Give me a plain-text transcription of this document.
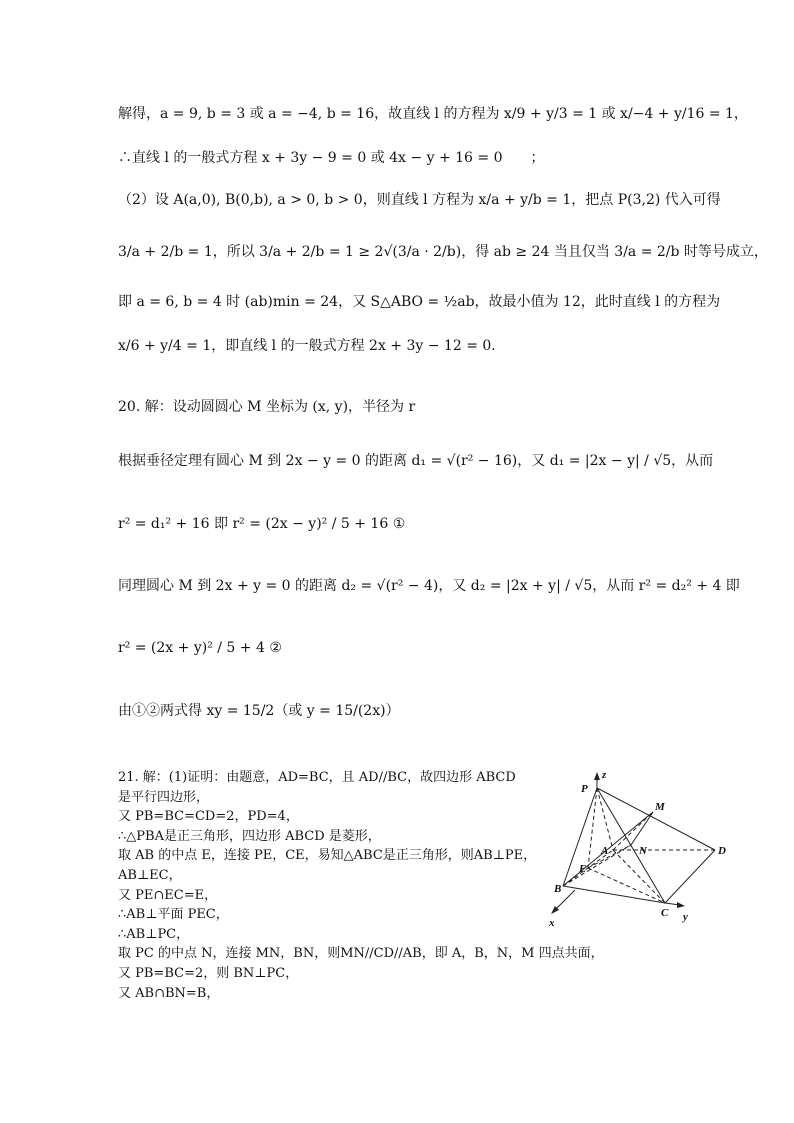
解得，a = 9, b = 3 或 a = −4, b = 16，故直线 l 的方程为 x/9 + y/3 = 1 或 x/−4 + y/16 = 1，
∴直线 l 的一般式方程 x + 3y − 9 = 0 或 4x − y + 16 = 0　　；
（2）设 A(a,0), B(0,b), a > 0, b > 0，则直线 l 方程为 x/a + y/b = 1，把点 P(3,2) 代入可得
3/a + 2/b = 1，所以 3/a + 2/b = 1 ≥ 2√(3/a · 2/b)，得 ab ≥ 24 当且仅当 3/a = 2/b 时等号成立，
即 a = 6, b = 4 时 (ab)min = 24，又 S△ABO = ½ab，故最小值为 12，此时直线 l 的方程为
x/6 + y/4 = 1，即直线 l 的一般式方程 2x + 3y − 12 = 0.
20. 解：设动圆圆心 M 坐标为 (x, y)，半径为 r
根据垂径定理有圆心 M 到 2x − y = 0 的距离 d₁ = √(r² − 16)，又 d₁ = |2x − y| / √5，从而
r² = d₁² + 16 即 r² = (2x − y)² / 5 + 16 ①
同理圆心 M 到 2x + y = 0 的距离 d₂ = √(r² − 4)，又 d₂ = |2x + y| / √5，从而 r² = d₂² + 4 即
r² = (2x + y)² / 5 + 4 ②
由①②两式得 xy = 15/2（或 y = 15/(2x)）
21. 解：(1)证明：由题意，AD=BC，且 AD//BC，故四边形 ABCD
是平行四边形，
又 PB=BC=CD=2，PD=4，
∴△PBA是正三角形，四边形 ABCD 是菱形，
取 AB 的中点 E，连接 PE，CE，易知△ABC是正三角形，则AB⊥PE，
AB⊥EC，
又 PE∩EC=E，
∴AB⊥平面 PEC，
∴AB⊥PC，
取 PC 的中点 N，连接 MN，BN，则MN//CD//AB，即 A，B，N，M 四点共面，
又 PB=BC=2，则 BN⊥PC，
又 AB∩BN=B，
z
P
M
A	N	D
E
B
C
x	y
